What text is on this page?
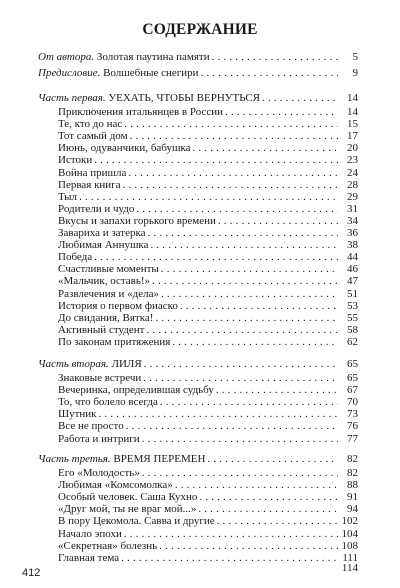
СОДЕРЖАНИЕ
От автора. Золотая паутина памяти . . .	5
Предисловие. Волшебные снегири . . .	9
Часть первая. УЕХАТЬ, ЧТОБЫ ВЕРНУТЬСЯ . . .	14
Приключения итальянцев в России . . .	14
Те, кто до нас . . .	15
Тот самый дом . . .	17
Июнь, одуванчики, бабушка . . .	20
Истоки . . .	23
Война пришла . . .	24
Первая книга . . .	28
Тыл . . .	29
Родители и чудо . . .	31
Вкусы и запахи горького времени . . .	34
Завариха и затерка . . .	36
Любимая Аннушка . . .	38
Победа . . .	44
Счастливые моменты . . .	46
«Мальчик, оставь!» . . .	47
Развлечения и «дела» . . .	51
История о первом фиаско . . .	53
До свидания, Вятка! . . .	55
Активный студент . . .	58
По законам притяжения . . .	62
Часть вторая. ЛИЛЯ . . .	65
Знаковые встречи . . .	65
Вечеринка, определившая судьбу . . .	67
То, что болело всегда . . .	70
Шутник . . .	73
Все не просто . . .	76
Работа и интриги . . .	77
Часть третья. ВРЕМЯ ПЕРЕМЕН . . .	82
Его «Молодость» . . .	82
Любимая «Комсомолка» . . .	88
Особый человек. Саша Кухно . . .	91
«Друг мой, ты не враг мой...» . . .	94
В пору Цекомола. Савва и другие . . .	102
Начало эпохи . . .	104
«Секретная» болезнь . . .	108
Главная тема . . .	111
114
412
